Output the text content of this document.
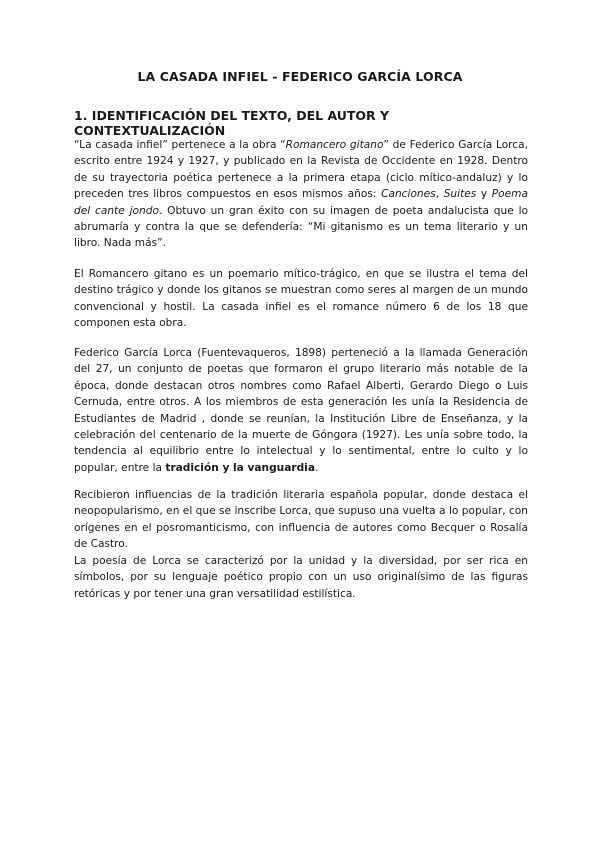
LA CASADA INFIEL - FEDERICO GARCÍA LORCA
1. IDENTIFICACIÓN DEL TEXTO, DEL AUTOR Y CONTEXTUALIZACIÓN
“La casada infiel” pertenece a la obra “Romancero gitano” de Federico García Lorca, escrito entre 1924 y 1927, y publicado en la Revista de Occidente en 1928. Dentro de su trayectoria poética pertenece a la primera etapa (ciclo mítico-andaluz) y lo preceden tres libros compuestos en esos mismos años: Canciones, Suites y Poema del cante jondo. Obtuvo un gran éxito con su imagen de poeta andalucista que lo abrumaría y contra la que se defendería: “Mi gitanismo es un tema literario y un libro. Nada más”.
El Romancero gitano es un poemario mítico-trágico, en que se ilustra el tema del destino trágico y donde los gitanos se muestran como seres al margen de un mundo convencional y hostil. La casada infiel es el romance número 6 de los 18 que componen esta obra.
Federico García Lorca (Fuentevaqueros, 1898) perteneció a la llamada Generación del 27, un conjunto de poetas que formaron el grupo literario más notable de la época, donde destacan otros nombres como Rafael Alberti, Gerardo Diego o Luis Cernuda, entre otros. A los miembros de esta generación les unía la Residencia de Estudiantes de Madrid , donde se reunían, la Institución Libre de Enseñanza, y la celebración del centenario de la muerte de Góngora (1927). Les unía sobre todo, la tendencia al equilibrio entre lo intelectual y lo sentimental, entre lo culto y lo popular, entre la tradición y la vanguardia.
Recibieron influencias de la tradición literaria española popular, donde destaca el neopopularismo, en el que se inscribe Lorca, que supuso una vuelta a lo popular, con orígenes en el posromanticismo, con influencia de autores como Becquer o Rosalía de Castro.
La poesía de Lorca se caracterizó por la unidad y la diversidad, por ser rica en símbolos, por su lenguaje poético propio con un uso originalísimo de las figuras retóricas y por tener una gran versatilidad estilística.
